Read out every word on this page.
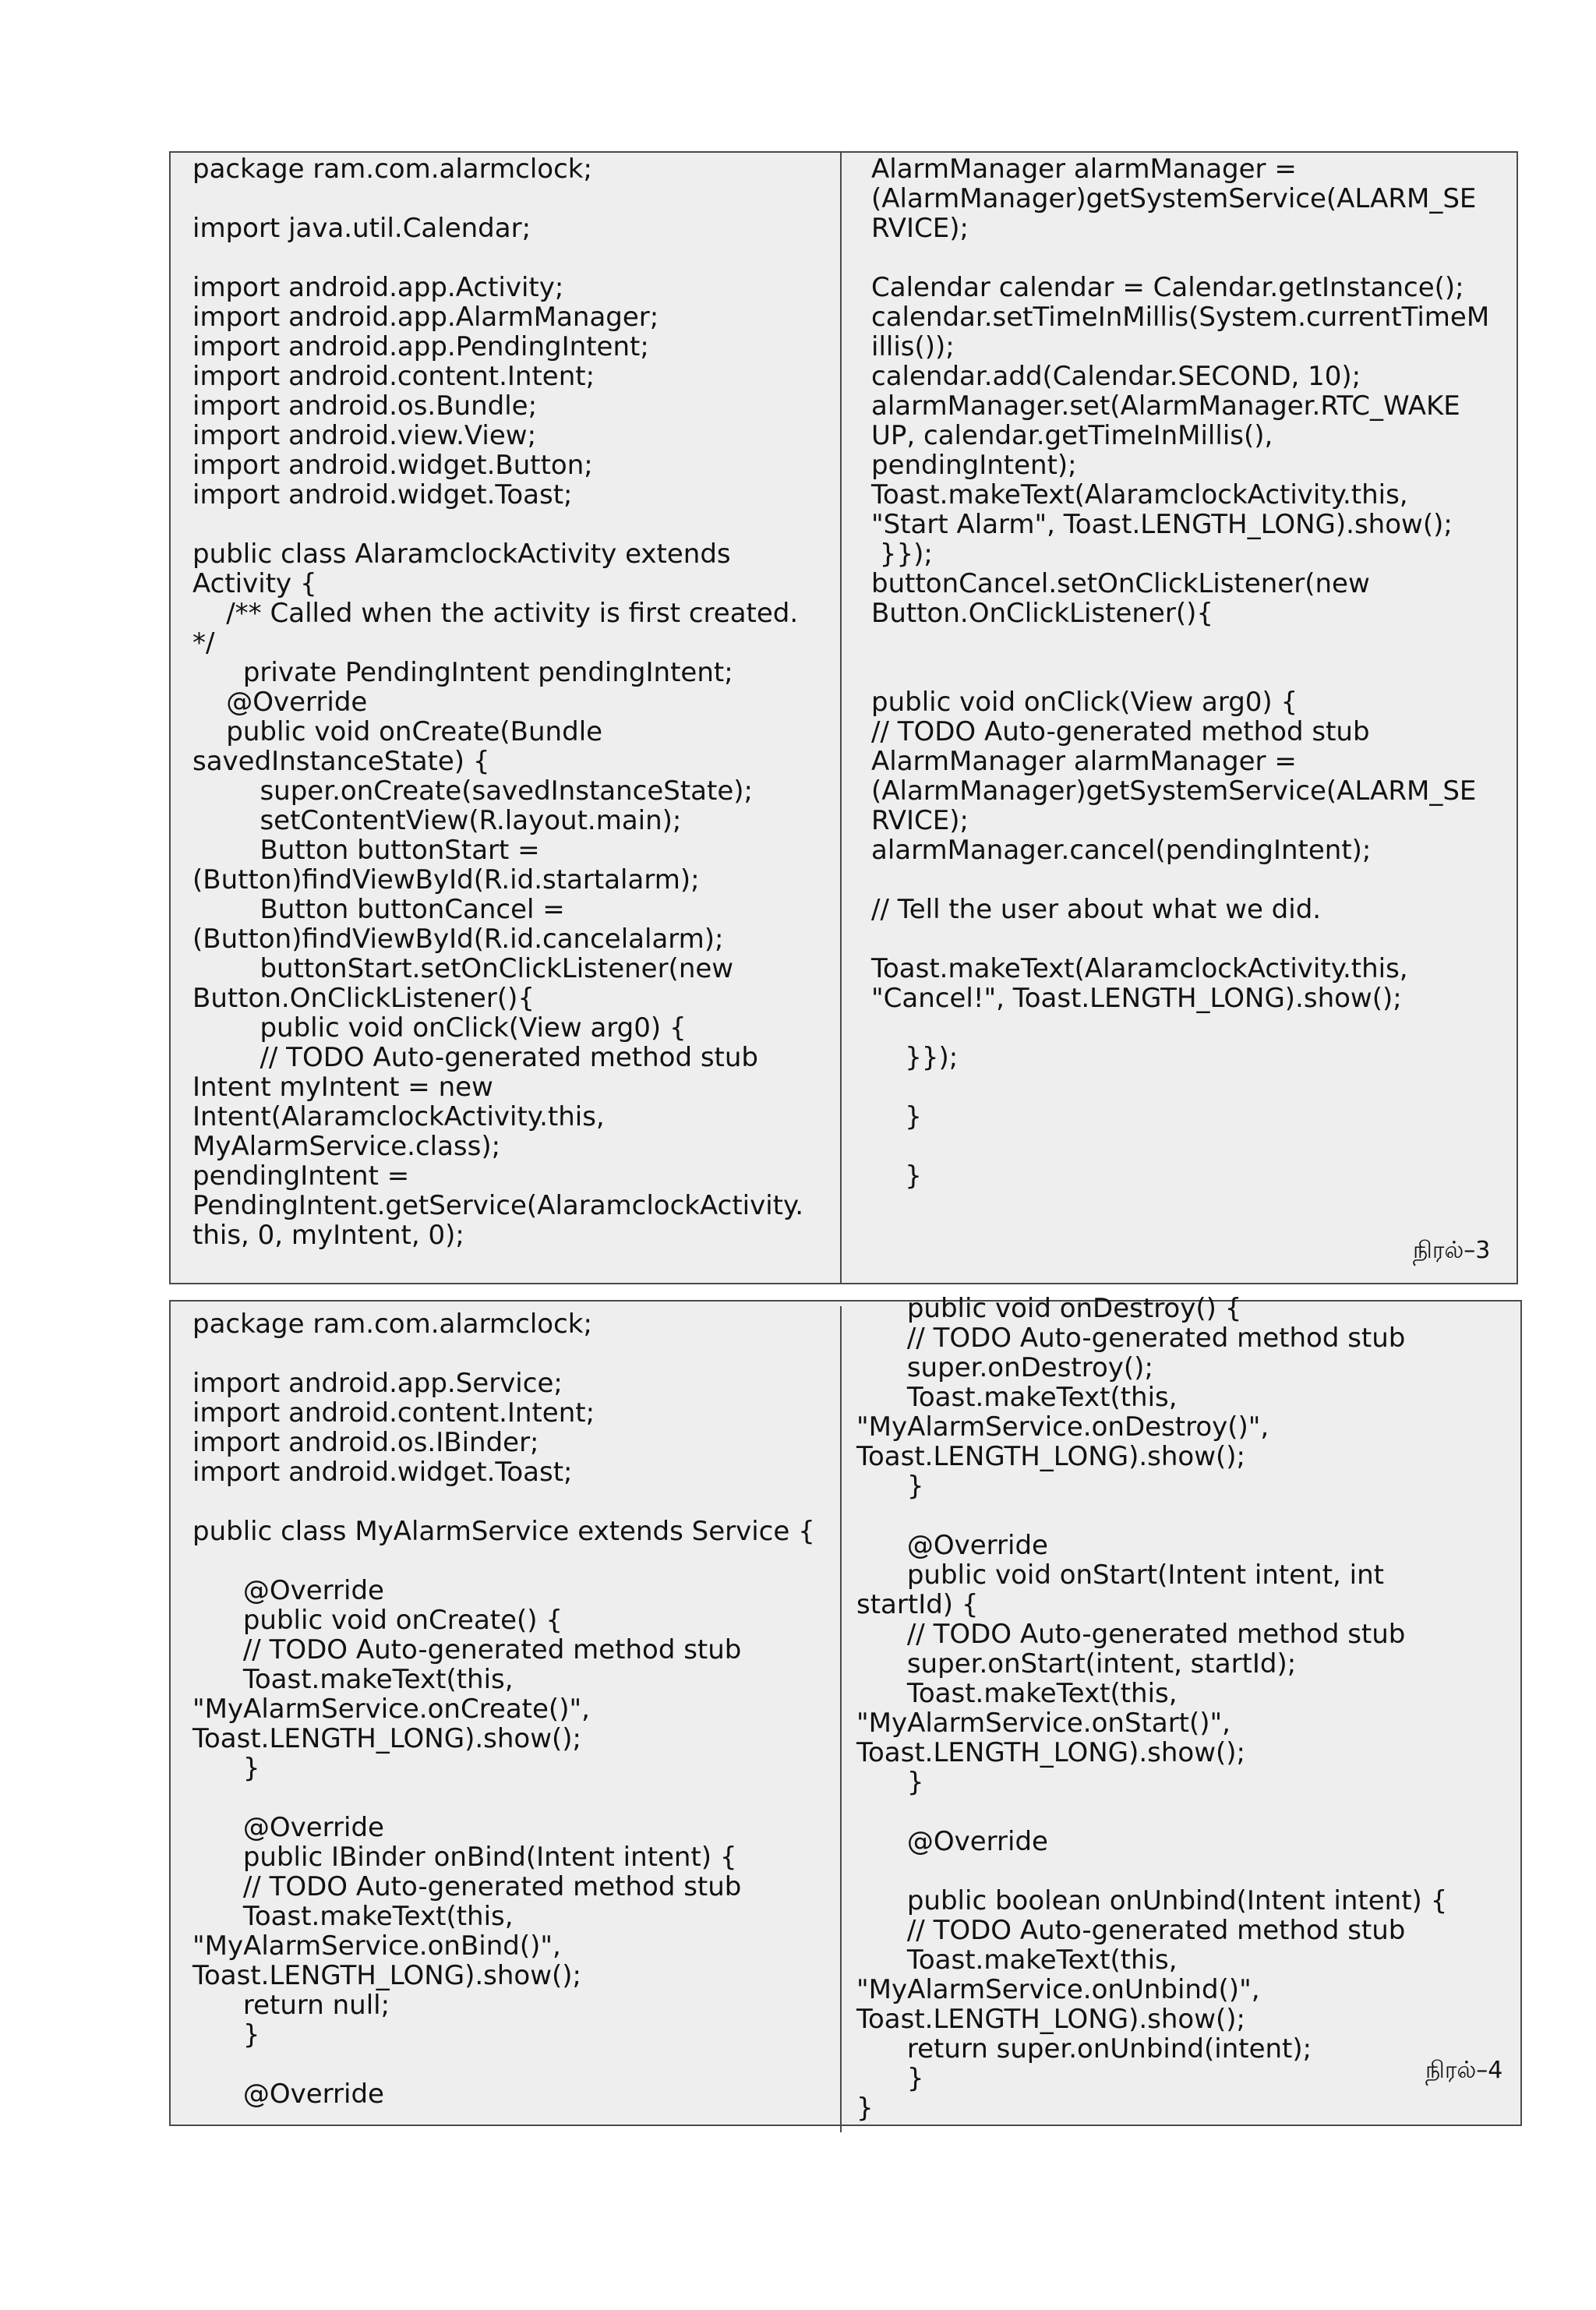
package ram.com.alarmclock;

import java.util.Calendar;

import android.app.Activity;
import android.app.AlarmManager;
import android.app.PendingIntent;
import android.content.Intent;
import android.os.Bundle;
import android.view.View;
import android.widget.Button;
import android.widget.Toast;

public class AlaramclockActivity extends
Activity {
/** Called when the activity is first created.
*/
private PendingIntent pendingIntent;
@Override
public void onCreate(Bundle
savedInstanceState) {
super.onCreate(savedInstanceState);
setContentView(R.layout.main);
Button buttonStart =
(Button)findViewById(R.id.startalarm);
Button buttonCancel =
(Button)findViewById(R.id.cancelalarm);
buttonStart.setOnClickListener(new
Button.OnClickListener(){
public void onClick(View arg0) {
// TODO Auto-generated method stub
Intent myIntent = new
Intent(AlaramclockActivity.this,
MyAlarmService.class);
pendingIntent =
PendingIntent.getService(AlaramclockActivity.
this, 0, myIntent, 0);
AlarmManager alarmManager =
(AlarmManager)getSystemService(ALARM_SE
RVICE);

Calendar calendar = Calendar.getInstance();
calendar.setTimeInMillis(System.currentTimeM
illis());
calendar.add(Calendar.SECOND, 10);
alarmManager.set(AlarmManager.RTC_WAKE
UP, calendar.getTimeInMillis(),
pendingIntent);
Toast.makeText(AlaramclockActivity.this,
"Start Alarm", Toast.LENGTH_LONG).show();
}});
buttonCancel.setOnClickListener(new
Button.OnClickListener(){

public void onClick(View arg0) {
// TODO Auto-generated method stub
AlarmManager alarmManager =
(AlarmManager)getSystemService(ALARM_SE
RVICE);
alarmManager.cancel(pendingIntent);

// Tell the user about what we did.

Toast.makeText(AlaramclockActivity.this,
"Cancel!", Toast.LENGTH_LONG).show();

}});

}

}
நிரல்–3
package ram.com.alarmclock;

import android.app.Service;
import android.content.Intent;
import android.os.IBinder;
import android.widget.Toast;

public class MyAlarmService extends Service {

@Override
public void onCreate() {
// TODO Auto-generated method stub
Toast.makeText(this,
"MyAlarmService.onCreate()",
Toast.LENGTH_LONG).show();
}

@Override
public IBinder onBind(Intent intent) {
// TODO Auto-generated method stub
Toast.makeText(this,
"MyAlarmService.onBind()",
Toast.LENGTH_LONG).show();
return null;
}

@Override
public void onDestroy() {
// TODO Auto-generated method stub
super.onDestroy();
Toast.makeText(this,
"MyAlarmService.onDestroy()",
Toast.LENGTH_LONG).show();
}

@Override
public void onStart(Intent intent, int
startId) {
// TODO Auto-generated method stub
super.onStart(intent, startId);
Toast.makeText(this,
"MyAlarmService.onStart()",
Toast.LENGTH_LONG).show();
}

@Override

public boolean onUnbind(Intent intent) {
// TODO Auto-generated method stub
Toast.makeText(this,
"MyAlarmService.onUnbind()",
Toast.LENGTH_LONG).show();
return super.onUnbind(intent);
}
}
நிரல்–4
